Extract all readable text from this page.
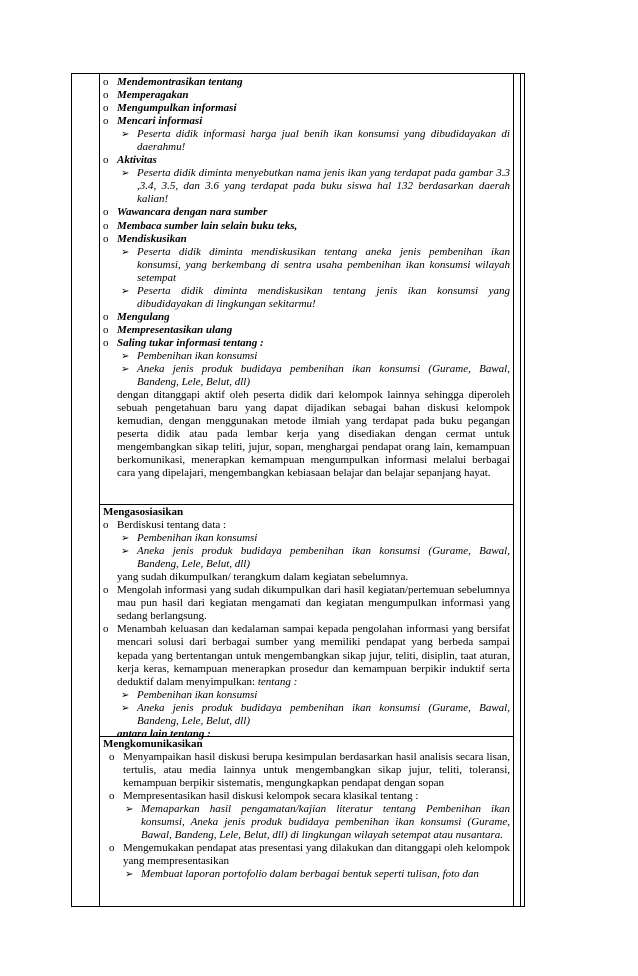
o Mendemontrasikan tentang
o Memperagakan
o Mengumpulkan informasi
o Mencari informasi
➢ Peserta didik informasi harga jual benih ikan konsumsi yang dibudidayakan di daerahmu!
o Aktivitas
➢ Peserta didik diminta menyebutkan nama jenis ikan yang terdapat pada gambar 3.3 ,3.4, 3.5, dan 3.6 yang terdapat pada buku siswa hal 132 berdasarkan daerah kalian!
o Wawancara dengan nara sumber
o Membaca sumber lain selain buku teks,
o Mendiskusikan
➢ Peserta didik diminta mendiskusikan tentang aneka jenis pembenihan ikan konsumsi, yang berkembang di sentra usaha pembenihan ikan konsumsi wilayah setempat
➢ Peserta didik diminta mendiskusikan tentang jenis ikan konsumsi yang dibudidayakan di lingkungan sekitarmu!
o Mengulang
o Mempresentasikan ulang
o Saling tukar informasi tentang :
➢ Pembenihan ikan konsumsi
➢ Aneka jenis produk budidaya pembenihan ikan konsumsi (Gurame, Bawal, Bandeng, Lele, Belut, dll)
dengan ditanggapi aktif oleh peserta didik dari kelompok lainnya sehingga diperoleh sebuah pengetahuan baru yang dapat dijadikan sebagai bahan diskusi kelompok kemudian, dengan menggunakan metode ilmiah yang terdapat pada buku pegangan peserta didik atau pada lembar kerja yang disediakan dengan cermat untuk mengembangkan sikap teliti, jujur, sopan, menghargai pendapat orang lain, kemampuan berkomunikasi, menerapkan kemampuan mengumpulkan informasi melalui berbagai cara yang dipelajari, mengembangkan kebiasaan belajar dan belajar sepanjang hayat.
Mengasosiasikan
o Berdiskusi tentang data :
➢ Pembenihan ikan konsumsi
➢ Aneka jenis produk budidaya pembenihan ikan konsumsi (Gurame, Bawal, Bandeng, Lele, Belut, dll)
yang sudah dikumpulkan/ terangkum dalam kegiatan sebelumnya.
o Mengolah informasi yang sudah dikumpulkan dari hasil kegiatan/pertemuan sebelumnya mau pun hasil dari kegiatan mengamati dan kegiatan mengumpulkan informasi yang sedang berlangsung.
o Menambah keluasan dan kedalaman sampai kepada pengolahan informasi yang bersifat mencari solusi dari berbagai sumber yang memiliki pendapat yang berbeda sampai kepada yang bertentangan untuk mengembangkan sikap jujur, teliti, disiplin, taat aturan, kerja keras, kemampuan menerapkan prosedur dan kemampuan berpikir induktif serta deduktif dalam menyimpulkan: tentang :
➢ Pembenihan ikan konsumsi
➢ Aneka jenis produk budidaya pembenihan ikan konsumsi (Gurame, Bawal, Bandeng, Lele, Belut, dll)
antara lain tentang :
Mengkomunikasikan
o Menyampaikan hasil diskusi berupa kesimpulan berdasarkan hasil analisis secara lisan, tertulis, atau media lainnya untuk mengembangkan sikap jujur, teliti, toleransi, kemampuan berpikir sistematis, mengungkapkan pendapat dengan sopan
o Mempresentasikan hasil diskusi kelompok secara klasikal tentang :
➢ Memaparkan hasil pengamatan/kajian literatur tentang Pembenihan ikan konsumsi, Aneka jenis produk budidaya pembenihan ikan konsumsi (Gurame, Bawal, Bandeng, Lele, Belut, dll) di lingkungan wilayah setempat atau nusantara.
o Mengemukakan pendapat atas presentasi yang dilakukan dan ditanggapi oleh kelompok yang mempresentasikan
➢ Membuat laporan portofolio dalam berbagai bentuk seperti tulisan, foto dan
